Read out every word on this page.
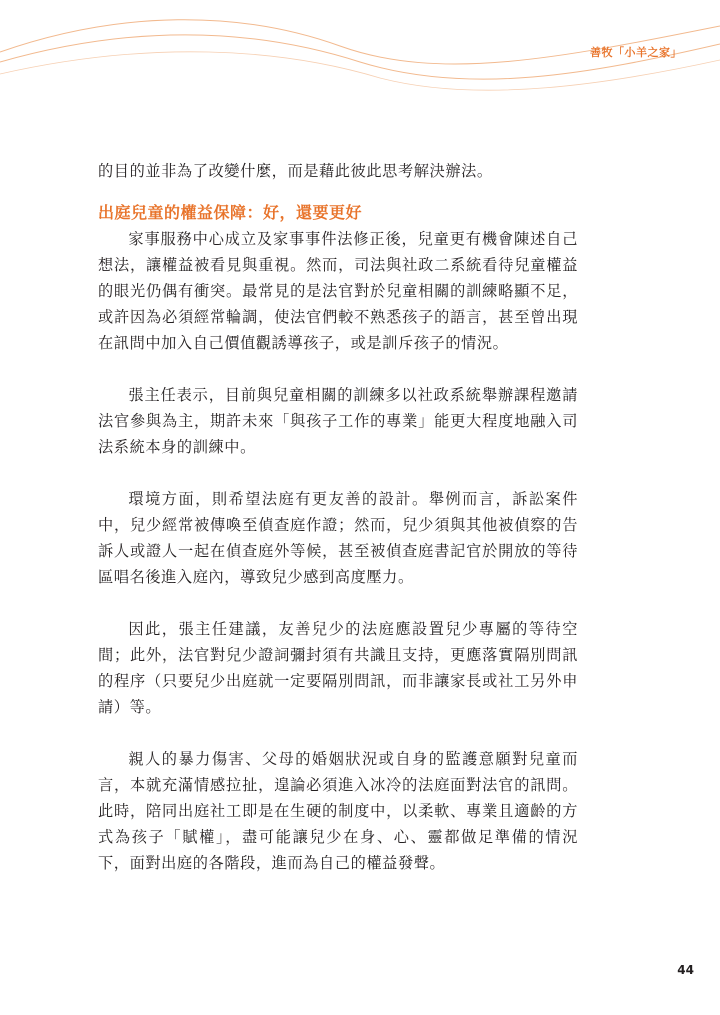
善牧「小羊之家」

的目的並非為了改變什麼，而是藉此彼此思考解決辦法。

出庭兒童的權益保障：好，還要更好

家事服務中心成立及家事事件法修正後，兒童更有機會陳述自己想法，讓權益被看見與重視。然而，司法與社政二系統看待兒童權益的眼光仍偶有衝突。最常見的是法官對於兒童相關的訓練略顯不足，或許因為必須經常輪調，使法官們較不熟悉孩子的語言，甚至曾出現在訊問中加入自己價值觀誘導孩子，或是訓斥孩子的情況。

張主任表示，目前與兒童相關的訓練多以社政系統舉辦課程邀請法官參與為主，期許未來「與孩子工作的專業」能更大程度地融入司法系統本身的訓練中。

環境方面，則希望法庭有更友善的設計。舉例而言，訴訟案件中，兒少經常被傳喚至偵查庭作證；然而，兒少須與其他被偵察的告訴人或證人一起在偵查庭外等候，甚至被偵查庭書記官於開放的等待區唱名後進入庭內，導致兒少感到高度壓力。

因此，張主任建議，友善兒少的法庭應設置兒少專屬的等待空間；此外，法官對兒少證詞彌封須有共識且支持，更應落實隔別問訊的程序（只要兒少出庭就一定要隔別問訊，而非讓家長或社工另外申請）等。

親人的暴力傷害、父母的婚姻狀況或自身的監護意願對兒童而言，本就充滿情感拉扯，遑論必須進入冰冷的法庭面對法官的訊問。此時，陪同出庭社工即是在生硬的制度中，以柔軟、專業且適齡的方式為孩子「賦權」，盡可能讓兒少在身、心、靈都做足準備的情況下，面對出庭的各階段，進而為自己的權益發聲。

44
